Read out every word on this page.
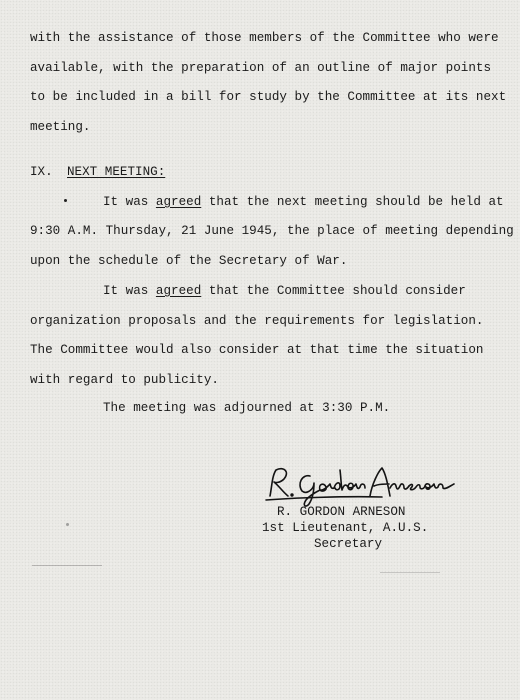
with the assistance of those members of the Committee who were
available, with the preparation of an outline of major points
to be included in a bill for study by the Committee at its next
meeting.
IX. NEXT MEETING:
It was agreed that the next meeting should be held at
9:30 A.M. Thursday, 21 June 1945, the place of meeting depending
upon the schedule of the Secretary of War.
It was agreed that the Committee should consider
organization proposals and the requirements for legislation.
The Committee would also consider at that time the situation
with regard to publicity.
The meeting was adjourned at 3:30 P.M.
R. GORDON ARNESON
1st Lieutenant, A.U.S.
Secretary
